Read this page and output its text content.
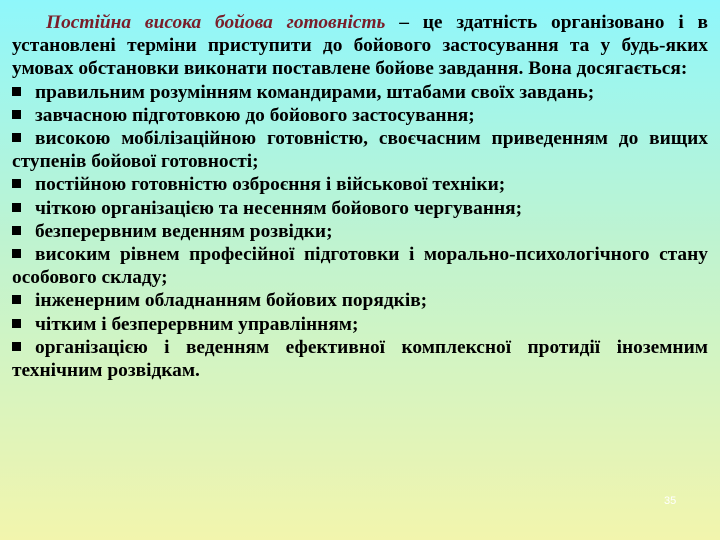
Постійна висока бойова готовність – це здатність організовано і в установлені терміни приступити до бойового застосування та у будь-яких умовах обстановки виконати поставлене бойове завдання. Вона досягається:

правильним розумінням командирами, штабами своїх завдань;

завчасною підготовкою до бойового застосування;

високою мобілізаційною готовністю, своєчасним приведенням до вищих ступенів бойової готовності;

постійною готовністю озброєння і військової техніки;

чіткою організацією та несенням бойового чергування;

безперервним веденням розвідки;

високим рівнем професійної підготовки і морально-психологічного стану особового складу;

інженерним обладнанням бойових порядків;

чітким і безперервним управлінням;

організацією і веденням ефективної комплексної протидії іноземним технічним розвідкам.

35
